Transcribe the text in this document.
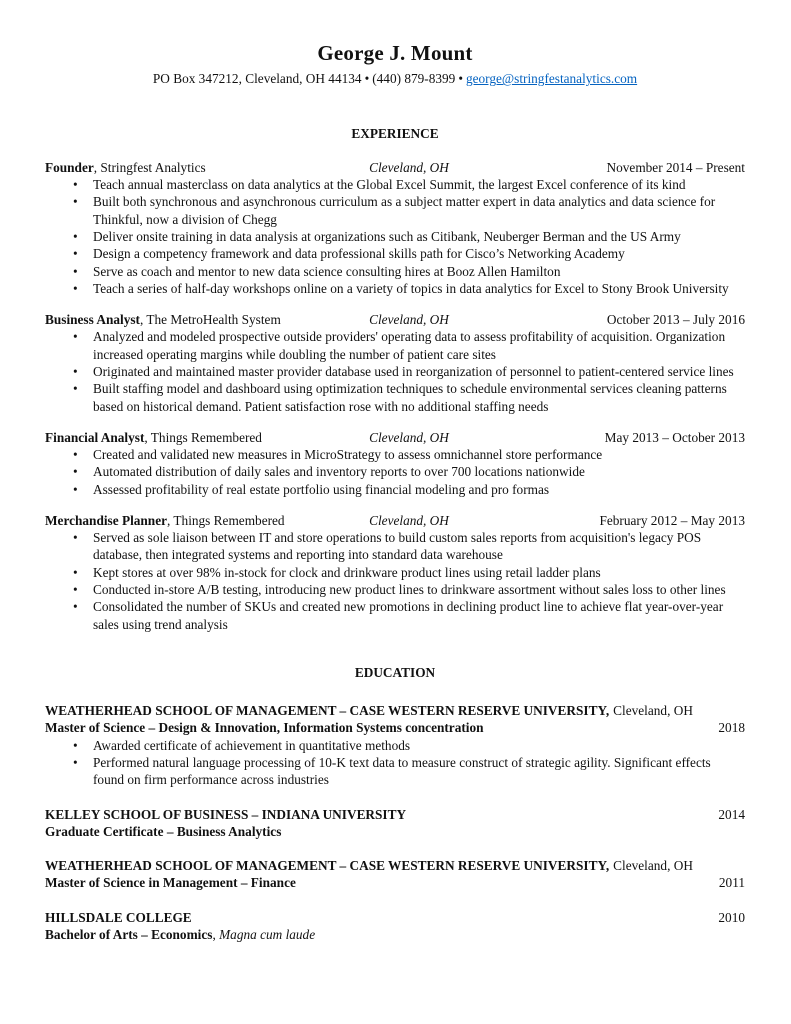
George J. Mount
PO Box 347212, Cleveland, OH 44134 • (440) 879-8399 • george@stringfestanalytics.com
EXPERIENCE
Founder, Stringfest Analytics	Cleveland, OH	November 2014 – Present
• Teach annual masterclass on data analytics at the Global Excel Summit, the largest Excel conference of its kind
• Built both synchronous and asynchronous curriculum as a subject matter expert in data analytics and data science for Thinkful, now a division of Chegg
• Deliver onsite training in data analysis at organizations such as Citibank, Neuberger Berman and the US Army
• Design a competency framework and data professional skills path for Cisco’s Networking Academy
• Serve as coach and mentor to new data science consulting hires at Booz Allen Hamilton
• Teach a series of half-day workshops online on a variety of topics in data analytics for Excel to Stony Brook University
Business Analyst, The MetroHealth System	Cleveland, OH	October 2013 – July 2016
• Analyzed and modeled prospective outside providers' operating data to assess profitability of acquisition. Organization increased operating margins while doubling the number of patient care sites
• Originated and maintained master provider database used in reorganization of personnel to patient-centered service lines
• Built staffing model and dashboard using optimization techniques to schedule environmental services cleaning patterns based on historical demand. Patient satisfaction rose with no additional staffing needs
Financial Analyst, Things Remembered	Cleveland, OH	May 2013 – October 2013
• Created and validated new measures in MicroStrategy to assess omnichannel store performance
• Automated distribution of daily sales and inventory reports to over 700 locations nationwide
• Assessed profitability of real estate portfolio using financial modeling and pro formas
Merchandise Planner, Things Remembered	Cleveland, OH	February 2012 – May 2013
• Served as sole liaison between IT and store operations to build custom sales reports from acquisition's legacy POS database, then integrated systems and reporting into standard data warehouse
• Kept stores at over 98% in-stock for clock and drinkware product lines using retail ladder plans
• Conducted in-store A/B testing, introducing new product lines to drinkware assortment without sales loss to other lines
• Consolidated the number of SKUs and created new promotions in declining product line to achieve flat year-over-year sales using trend analysis
EDUCATION
WEATHERHEAD SCHOOL OF MANAGEMENT – CASE WESTERN RESERVE UNIVERSITY, Cleveland, OH
Master of Science – Design & Innovation, Information Systems concentration	2018
• Awarded certificate of achievement in quantitative methods
• Performed natural language processing of 10-K text data to measure construct of strategic agility. Significant effects found on firm performance across industries
KELLEY SCHOOL OF BUSINESS – INDIANA UNIVERSITY	2014
Graduate Certificate – Business Analytics
WEATHERHEAD SCHOOL OF MANAGEMENT – CASE WESTERN RESERVE UNIVERSITY, Cleveland, OH
Master of Science in Management – Finance	2011
HILLSDALE COLLEGE	2010
Bachelor of Arts – Economics, Magna cum laude
